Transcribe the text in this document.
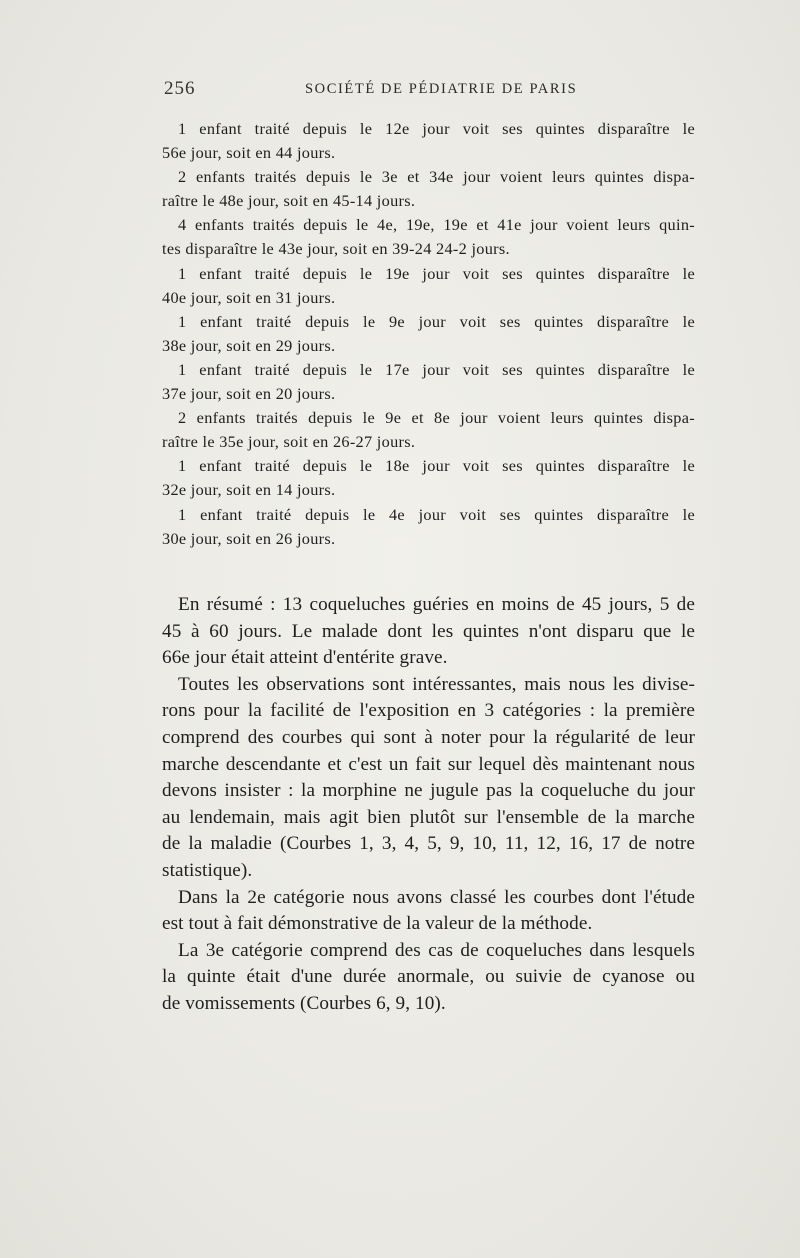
256	SOCIÉTÉ DE PÉDIATRIE DE PARIS

1 enfant traité depuis le 12e jour voit ses quintes disparaître le
56e jour, soit en 44 jours.

2 enfants traités depuis le 3e et 34e jour voient leurs quintes dispa-
raître le 48e jour, soit en 45-14 jours.

4 enfants traités depuis le 4e, 19e, 19e et 41e jour voient leurs quin-
tes disparaître le 43e jour, soit en 39-24 24-2 jours.

1 enfant traité depuis le 19e jour voit ses quintes disparaître le
40e jour, soit en 31 jours.

1 enfant traité depuis le 9e jour voit ses quintes disparaître le
38e jour, soit en 29 jours.

1 enfant traité depuis le 17e jour voit ses quintes disparaître le
37e jour, soit en 20 jours.

2 enfants traités depuis le 9e et 8e jour voient leurs quintes dispa-
raître le 35e jour, soit en 26-27 jours.

1 enfant traité depuis le 18e jour voit ses quintes disparaître le
32e jour, soit en 14 jours.

1 enfant traité depuis le 4e jour voit ses quintes disparaître le
30e jour, soit en 26 jours.

En résumé : 13 coqueluches guéries en moins de 45 jours, 5 de
45 à 60 jours. Le malade dont les quintes n'ont disparu que le
66e jour était atteint d'entérite grave.

Toutes les observations sont intéressantes, mais nous les divise-
rons pour la facilité de l'exposition en 3 catégories : la première
comprend des courbes qui sont à noter pour la régularité de leur
marche descendante et c'est un fait sur lequel dès maintenant nous
devons insister : la morphine ne jugule pas la coqueluche du jour
au lendemain, mais agit bien plutôt sur l'ensemble de la marche
de la maladie (Courbes 1, 3, 4, 5, 9, 10, 11, 12, 16, 17 de notre
statistique).

Dans la 2e catégorie nous avons classé les courbes dont l'étude
est tout à fait démonstrative de la valeur de la méthode.

La 3e catégorie comprend des cas de coqueluches dans lesquels
la quinte était d'une durée anormale, ou suivie de cyanose ou
de vomissements (Courbes 6, 9, 10).
